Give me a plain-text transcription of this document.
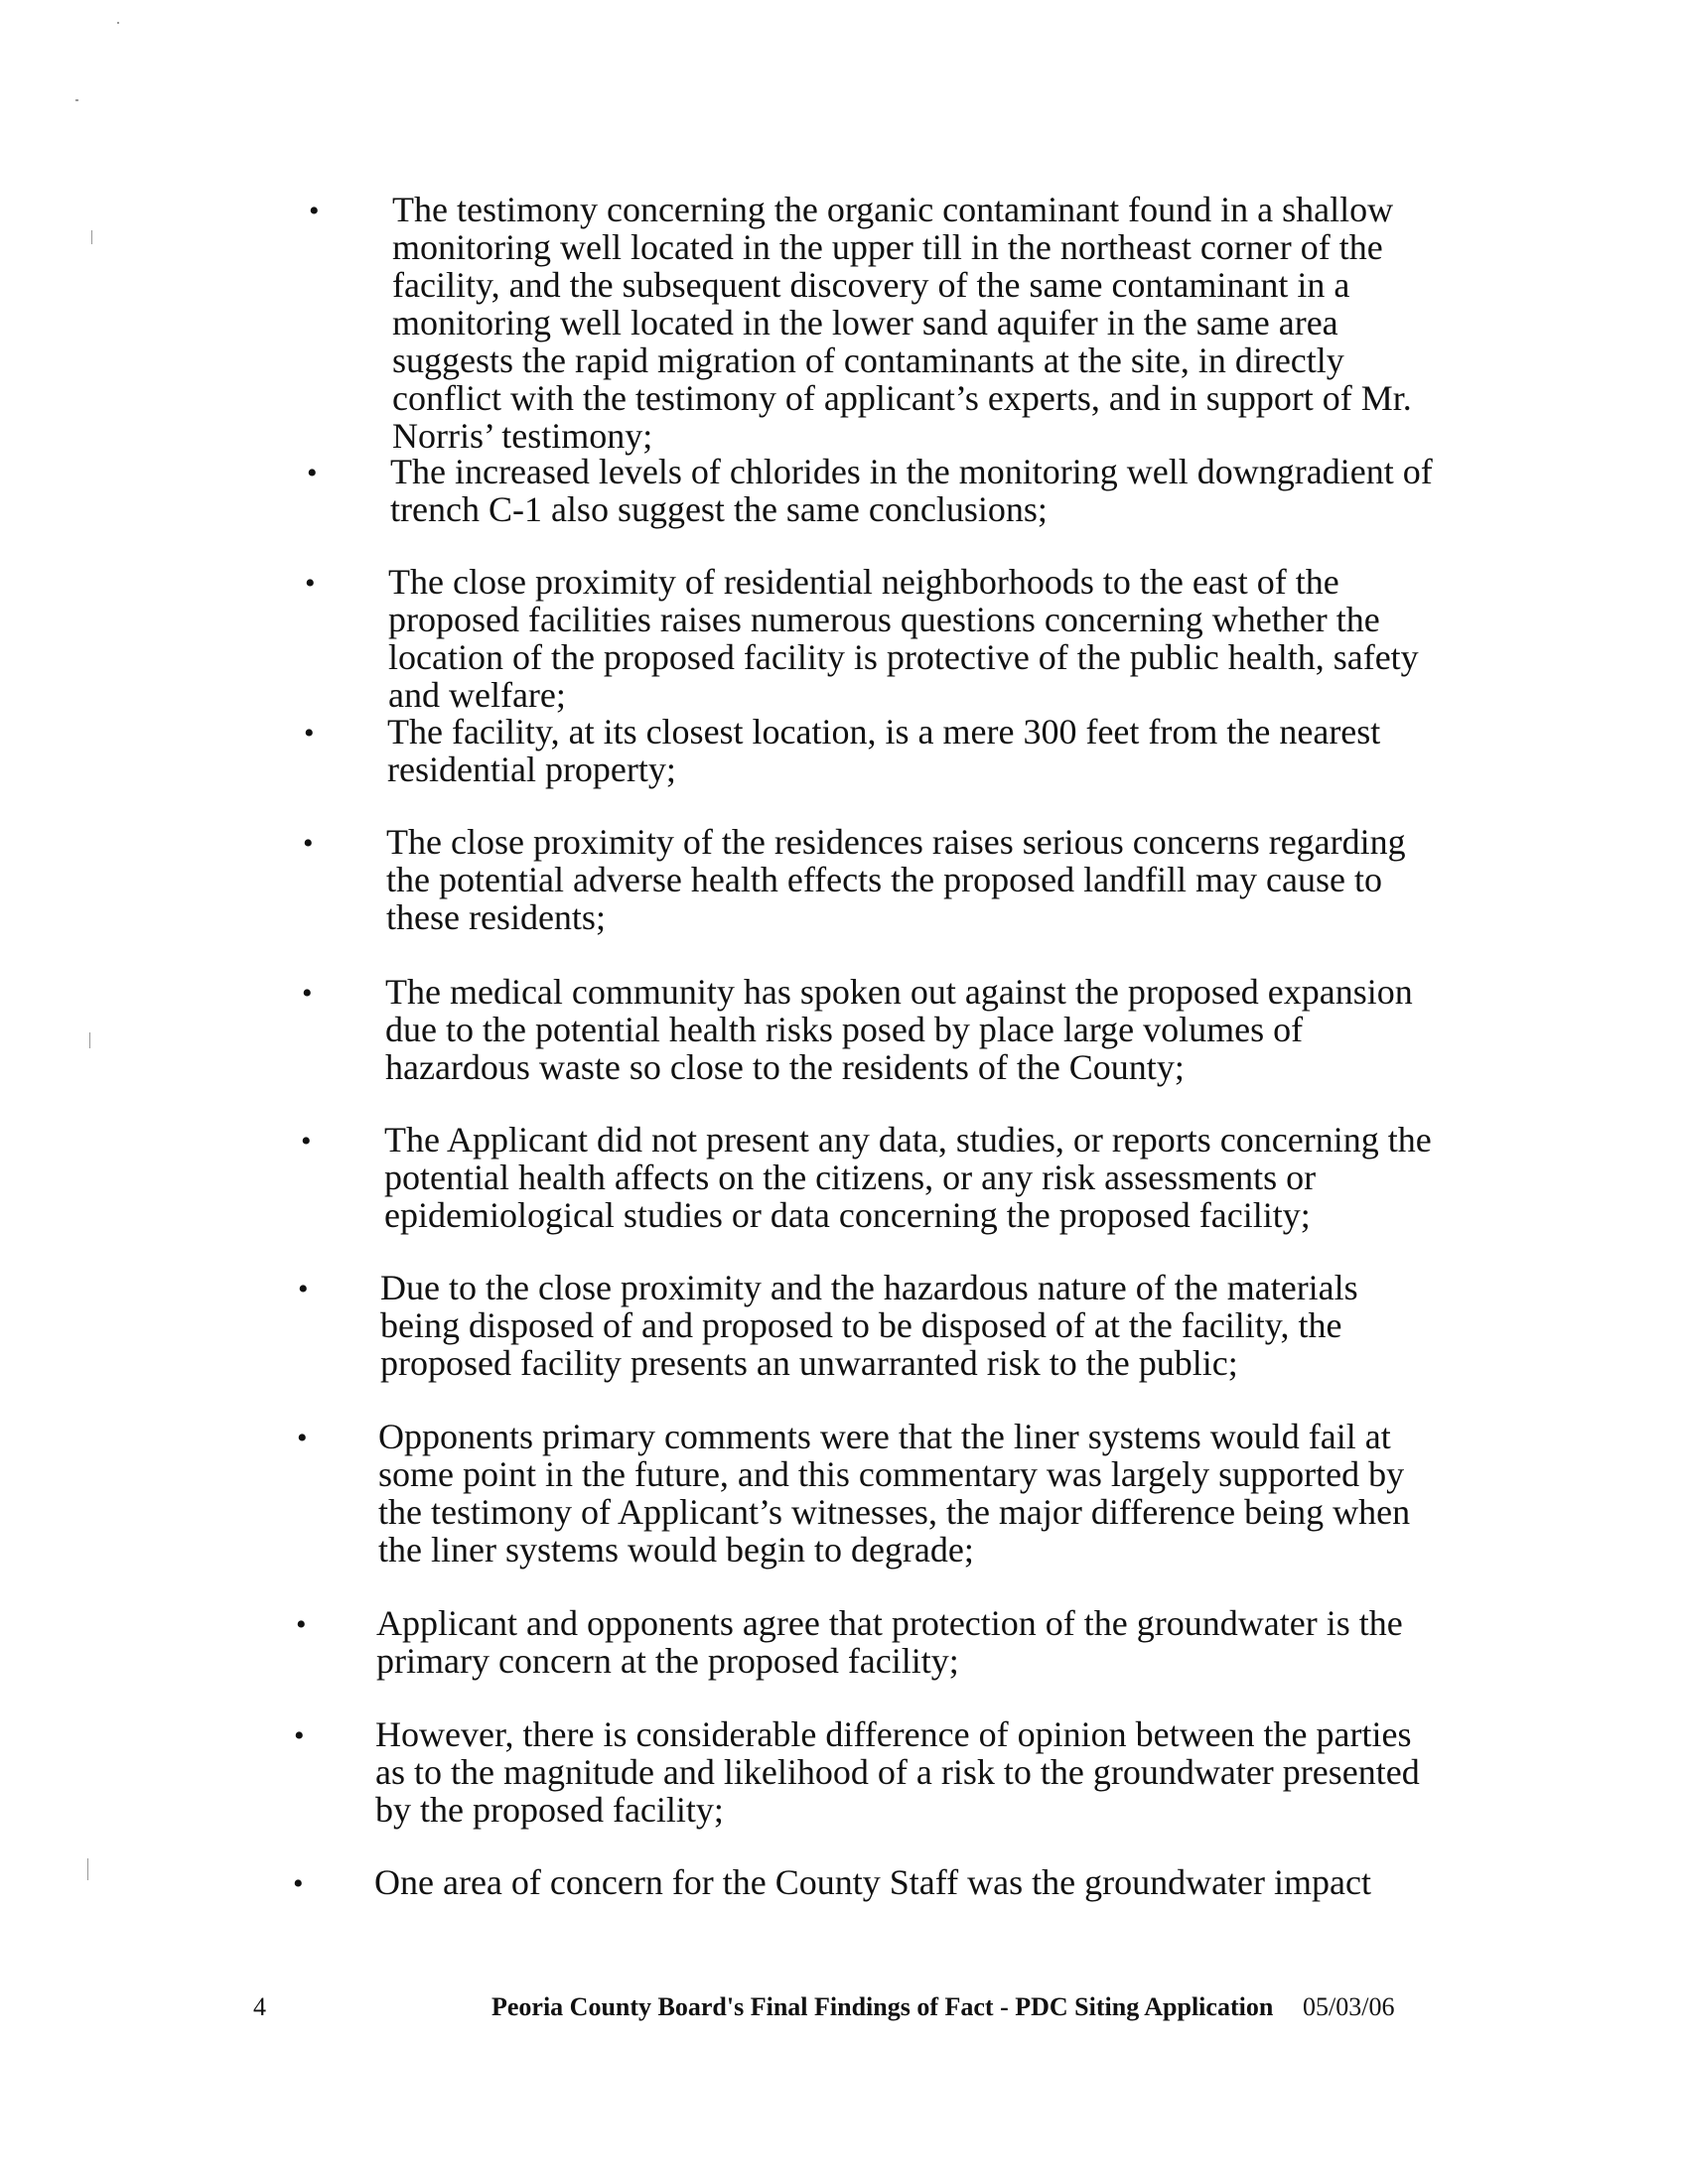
• The testimony concerning the organic contaminant found in a shallow monitoring well located in the upper till in the northeast corner of the facility, and the subsequent discovery of the same contaminant in a monitoring well located in the lower sand aquifer in the same area suggests the rapid migration of contaminants at the site, in directly conflict with the testimony of applicant’s experts, and in support of Mr. Norris’ testimony;
• The increased levels of chlorides in the monitoring well downgradient of trench C-1 also suggest the same conclusions;
• The close proximity of residential neighborhoods to the east of the proposed facilities raises numerous questions concerning whether the location of the proposed facility is protective of the public health, safety and welfare;
• The facility, at its closest location, is a mere 300 feet from the nearest residential property;
• The close proximity of the residences raises serious concerns regarding the potential adverse health effects the proposed landfill may cause to these residents;
• The medical community has spoken out against the proposed expansion due to the potential health risks posed by place large volumes of hazardous waste so close to the residents of the County;
• The Applicant did not present any data, studies, or reports concerning the potential health affects on the citizens, or any risk assessments or epidemiological studies or data concerning the proposed facility;
• Due to the close proximity and the hazardous nature of the materials being disposed of and proposed to be disposed of at the facility, the proposed facility presents an unwarranted risk to the public;
• Opponents primary comments were that the liner systems would fail at some point in the future, and this commentary was largely supported by the testimony of Applicant’s witnesses, the major difference being when the liner systems would begin to degrade;
• Applicant and opponents agree that protection of the groundwater is the primary concern at the proposed facility;
• However, there is considerable difference of opinion between the parties as to the magnitude and likelihood of a risk to the groundwater presented by the proposed facility;
• One area of concern for the County Staff was the groundwater impact
4	Peoria County Board's Final Findings of Fact - PDC Siting Application 05/03/06
